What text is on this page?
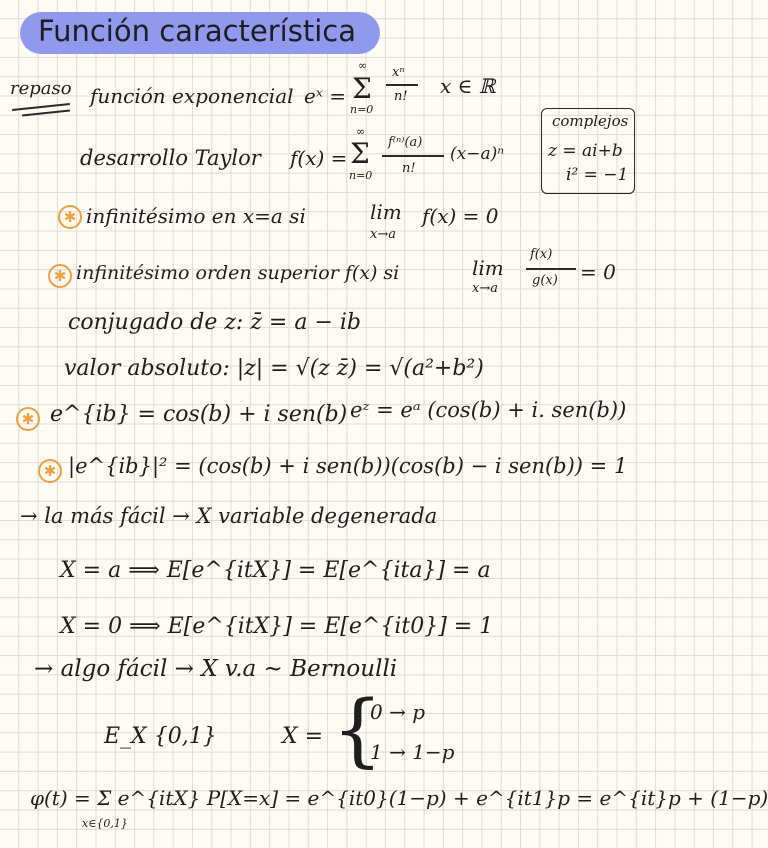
Función característica
repaso función exponencial eˣ =
∞
Σ
n=0
xⁿ
n! x ∈ ℝ
desarrollo Taylor f(x) =
∞
Σ
n=0
f⁽ⁿ⁾(a)
n!
(x−a)ⁿ
complejos
z = ai+b
i² = −1
✱ infinitésimo en x=a si	lim
x→a
f(x) = 0
✱ infinitésimo orden superior f(x) si	lim
x→a
f(x)
g(x) = 0
conjugado de z: z̄ = a − ib
valor absoluto: |z| = √(z z̄) = √(a²+b²)
✱ e^{ib} = cos(b) + i sen(b) eᶻ = eᵃ (cos(b) + i. sen(b))
✱ |e^{ib}|² = (cos(b) + i sen(b))(cos(b) − i sen(b)) = 1
→ la más fácil → X variable degenerada
X = a ⟹ E[e^{itX}] = E[e^{ita}] = a
X = 0 ⟹ E[e^{itX}] = E[e^{it0}] = 1
→ algo fácil → X v.a ~ Bernoulli
E_X {0,1}	X = {
0 → p
1 → 1−p
φ(t) = Σ e^{itX} P[X=x] = e^{it0}(1−p) + e^{it1}p = e^{it}p + (1−p)
x∈{0,1}
